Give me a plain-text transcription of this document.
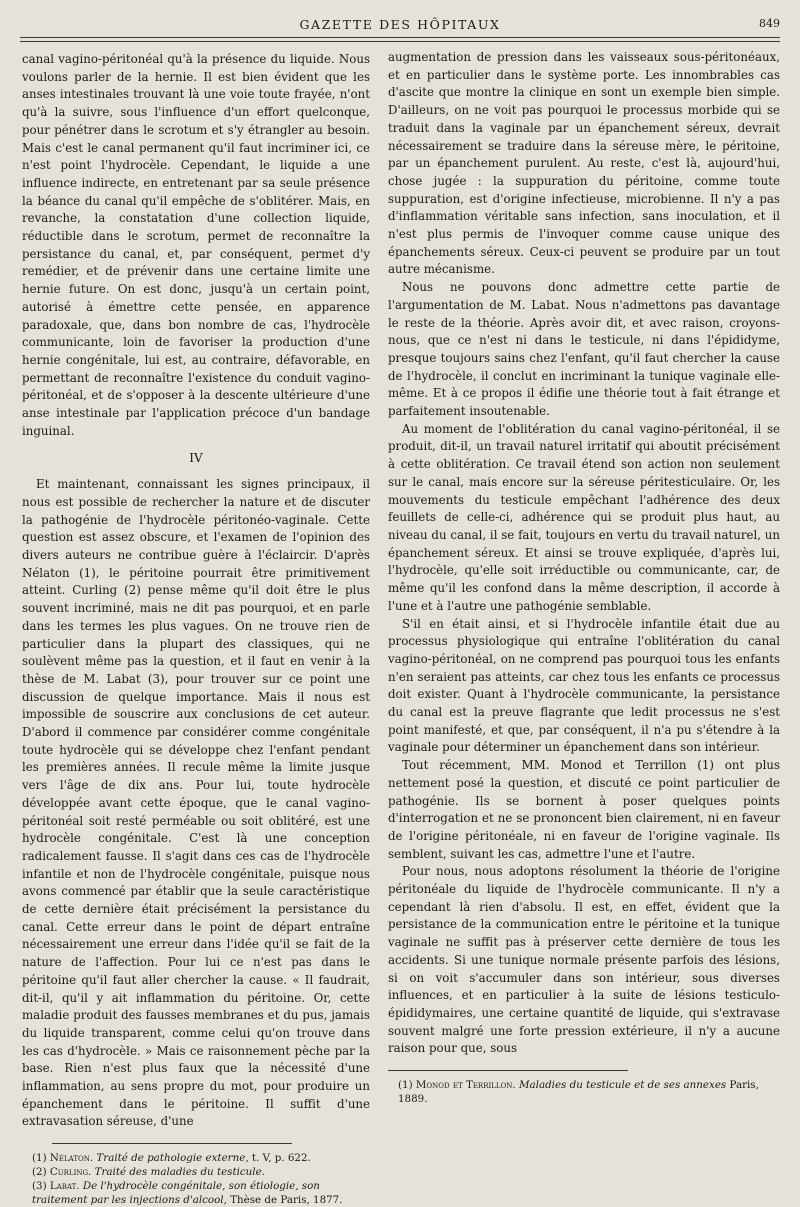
GAZETTE DES HÔPITAUX	849

canal vagino-péritonéal qu'à la présence du liquide. Nous voulons parler de la hernie. Il est bien évident que les anses intestinales trouvant là une voie toute frayée, n'ont qu'à la suivre, sous l'influence d'un effort quelconque, pour pénétrer dans le scrotum et s'y étrangler au besoin. Mais c'est le canal permanent qu'il faut incriminer ici, ce n'est point l'hydrocèle. Cependant, le liquide a une influence indirecte, en entretenant par sa seule présence la béance du canal qu'il empêche de s'oblitérer. Mais, en revanche, la constatation d'une collection liquide, réductible dans le scrotum, permet de reconnaître la persistance du canal, et, par conséquent, permet d'y remédier, et de prévenir dans une certaine limite une hernie future. On est donc, jusqu'à un certain point, autorisé à émettre cette pensée, en apparence paradoxale, que, dans bon nombre de cas, l'hydrocèle communicante, loin de favoriser la production d'une hernie congénitale, lui est, au contraire, défavorable, en permettant de reconnaître l'existence du conduit vagino-péritonéal, et de s'opposer à la descente ultérieure d'une anse intestinale par l'application précoce d'un bandage inguinal.

IV

Et maintenant, connaissant les signes principaux, il nous est possible de rechercher la nature et de discuter la pathogénie de l'hydrocèle péritonéo-vaginale. Cette question est assez obscure, et l'examen de l'opinion des divers auteurs ne contribue guère à l'éclaircir. D'après Nélaton (1), le péritoine pourrait être primitivement atteint. Curling (2) pense même qu'il doit être le plus souvent incriminé, mais ne dit pas pourquoi, et en parle dans les termes les plus vagues. On ne trouve rien de particulier dans la plupart des classiques, qui ne soulèvent même pas la question, et il faut en venir à la thèse de M. Labat (3), pour trouver sur ce point une discussion de quelque importance. Mais il nous est impossible de souscrire aux conclusions de cet auteur. D'abord il commence par considérer comme congénitale toute hydrocèle qui se développe chez l'enfant pendant les premières années. Il recule même la limite jusque vers l'âge de dix ans. Pour lui, toute hydrocèle développée avant cette époque, que le canal vagino-péritonéal soit resté perméable ou soit oblitéré, est une hydrocèle congénitale. C'est là une conception radicalement fausse. Il s'agit dans ces cas de l'hydrocèle infantile et non de l'hydrocèle congénitale, puisque nous avons commencé par établir que la seule caractéristique de cette dernière était précisément la persistance du canal. Cette erreur dans le point de départ entraîne nécessairement une erreur dans l'idée qu'il se fait de la nature de l'affection. Pour lui ce n'est pas dans le péritoine qu'il faut aller chercher la cause. « Il faudrait, dit-il, qu'il y ait inflammation du péritoine. Or, cette maladie produit des fausses membranes et du pus, jamais du liquide transparent, comme celui qu'on trouve dans les cas d'hydrocèle. » Mais ce raisonnement pèche par la base. Rien n'est plus faux que la nécessité d'une inflammation, au sens propre du mot, pour produire un épanchement dans le péritoine. Il suffit d'une extravasation séreuse, d'une

(1) Nélaton. Traité de pathologie externe, t. V, p. 622.
(2) Curling. Traité des maladies du testicule.
(3) Labat. De l'hydrocèle congénitale, son étiologie, son traitement par les injections d'alcool, Thèse de Paris, 1877.

augmentation de pression dans les vaisseaux sous-péritonéaux, et en particulier dans le système porte. Les innombrables cas d'ascite que montre la clinique en sont un exemple bien simple. D'ailleurs, on ne voit pas pourquoi le processus morbide qui se traduit dans la vaginale par un épanchement séreux, devrait nécessairement se traduire dans la séreuse mère, le péritoine, par un épanchement purulent. Au reste, c'est là, aujourd'hui, chose jugée : la suppuration du péritoine, comme toute suppuration, est d'origine infectieuse, microbienne. Il n'y a pas d'inflammation véritable sans infection, sans inoculation, et il n'est plus permis de l'invoquer comme cause unique des épanchements séreux. Ceux-ci peuvent se produire par un tout autre mécanisme.

Nous ne pouvons donc admettre cette partie de l'argumentation de M. Labat. Nous n'admettons pas davantage le reste de la théorie. Après avoir dit, et avec raison, croyons-nous, que ce n'est ni dans le testicule, ni dans l'épididyme, presque toujours sains chez l'enfant, qu'il faut chercher la cause de l'hydrocèle, il conclut en incriminant la tunique vaginale elle-même. Et à ce propos il édifie une théorie tout à fait étrange et parfaitement insoutenable.

Au moment de l'oblitération du canal vagino-péritonéal, il se produit, dit-il, un travail naturel irritatif qui aboutit précisément à cette oblitération. Ce travail étend son action non seulement sur le canal, mais encore sur la séreuse péritesticulaire. Or, les mouvements du testicule empêchant l'adhérence des deux feuillets de celle-ci, adhérence qui se produit plus haut, au niveau du canal, il se fait, toujours en vertu du travail naturel, un épanchement séreux. Et ainsi se trouve expliquée, d'après lui, l'hydrocèle, qu'elle soit irréductible ou communicante, car, de même qu'il les confond dans la même description, il accorde à l'une et à l'autre une pathogénie semblable.

S'il en était ainsi, et si l'hydrocèle infantile était due au processus physiologique qui entraîne l'oblitération du canal vagino-péritonéal, on ne comprend pas pourquoi tous les enfants n'en seraient pas atteints, car chez tous les enfants ce processus doit exister. Quant à l'hydrocèle communicante, la persistance du canal est la preuve flagrante que ledit processus ne s'est point manifesté, et que, par conséquent, il n'a pu s'étendre à la vaginale pour déterminer un épanchement dans son intérieur.

Tout récemment, MM. Monod et Terrillon (1) ont plus nettement posé la question, et discuté ce point particulier de pathogénie. Ils se bornent à poser quelques points d'interrogation et ne se prononcent bien clairement, ni en faveur de l'origine péritonéale, ni en faveur de l'origine vaginale. Ils semblent, suivant les cas, admettre l'une et l'autre.

Pour nous, nous adoptons résolument la théorie de l'origine péritonéale du liquide de l'hydrocèle communicante. Il n'y a cependant là rien d'absolu. Il est, en effet, évident que la persistance de la communication entre le péritoine et la tunique vaginale ne suffit pas à préserver cette dernière de tous les accidents. Si une tunique normale présente parfois des lésions, si on voit s'accumuler dans son intérieur, sous diverses influences, et en particulier à la suite de lésions testiculo-épididymaires, une certaine quantité de liquide, qui s'extravase souvent malgré une forte pression extérieure, il n'y a aucune raison pour que, sous

(1) Monod et Terrillon. Maladies du testicule et de ses annexes Paris, 1889.
